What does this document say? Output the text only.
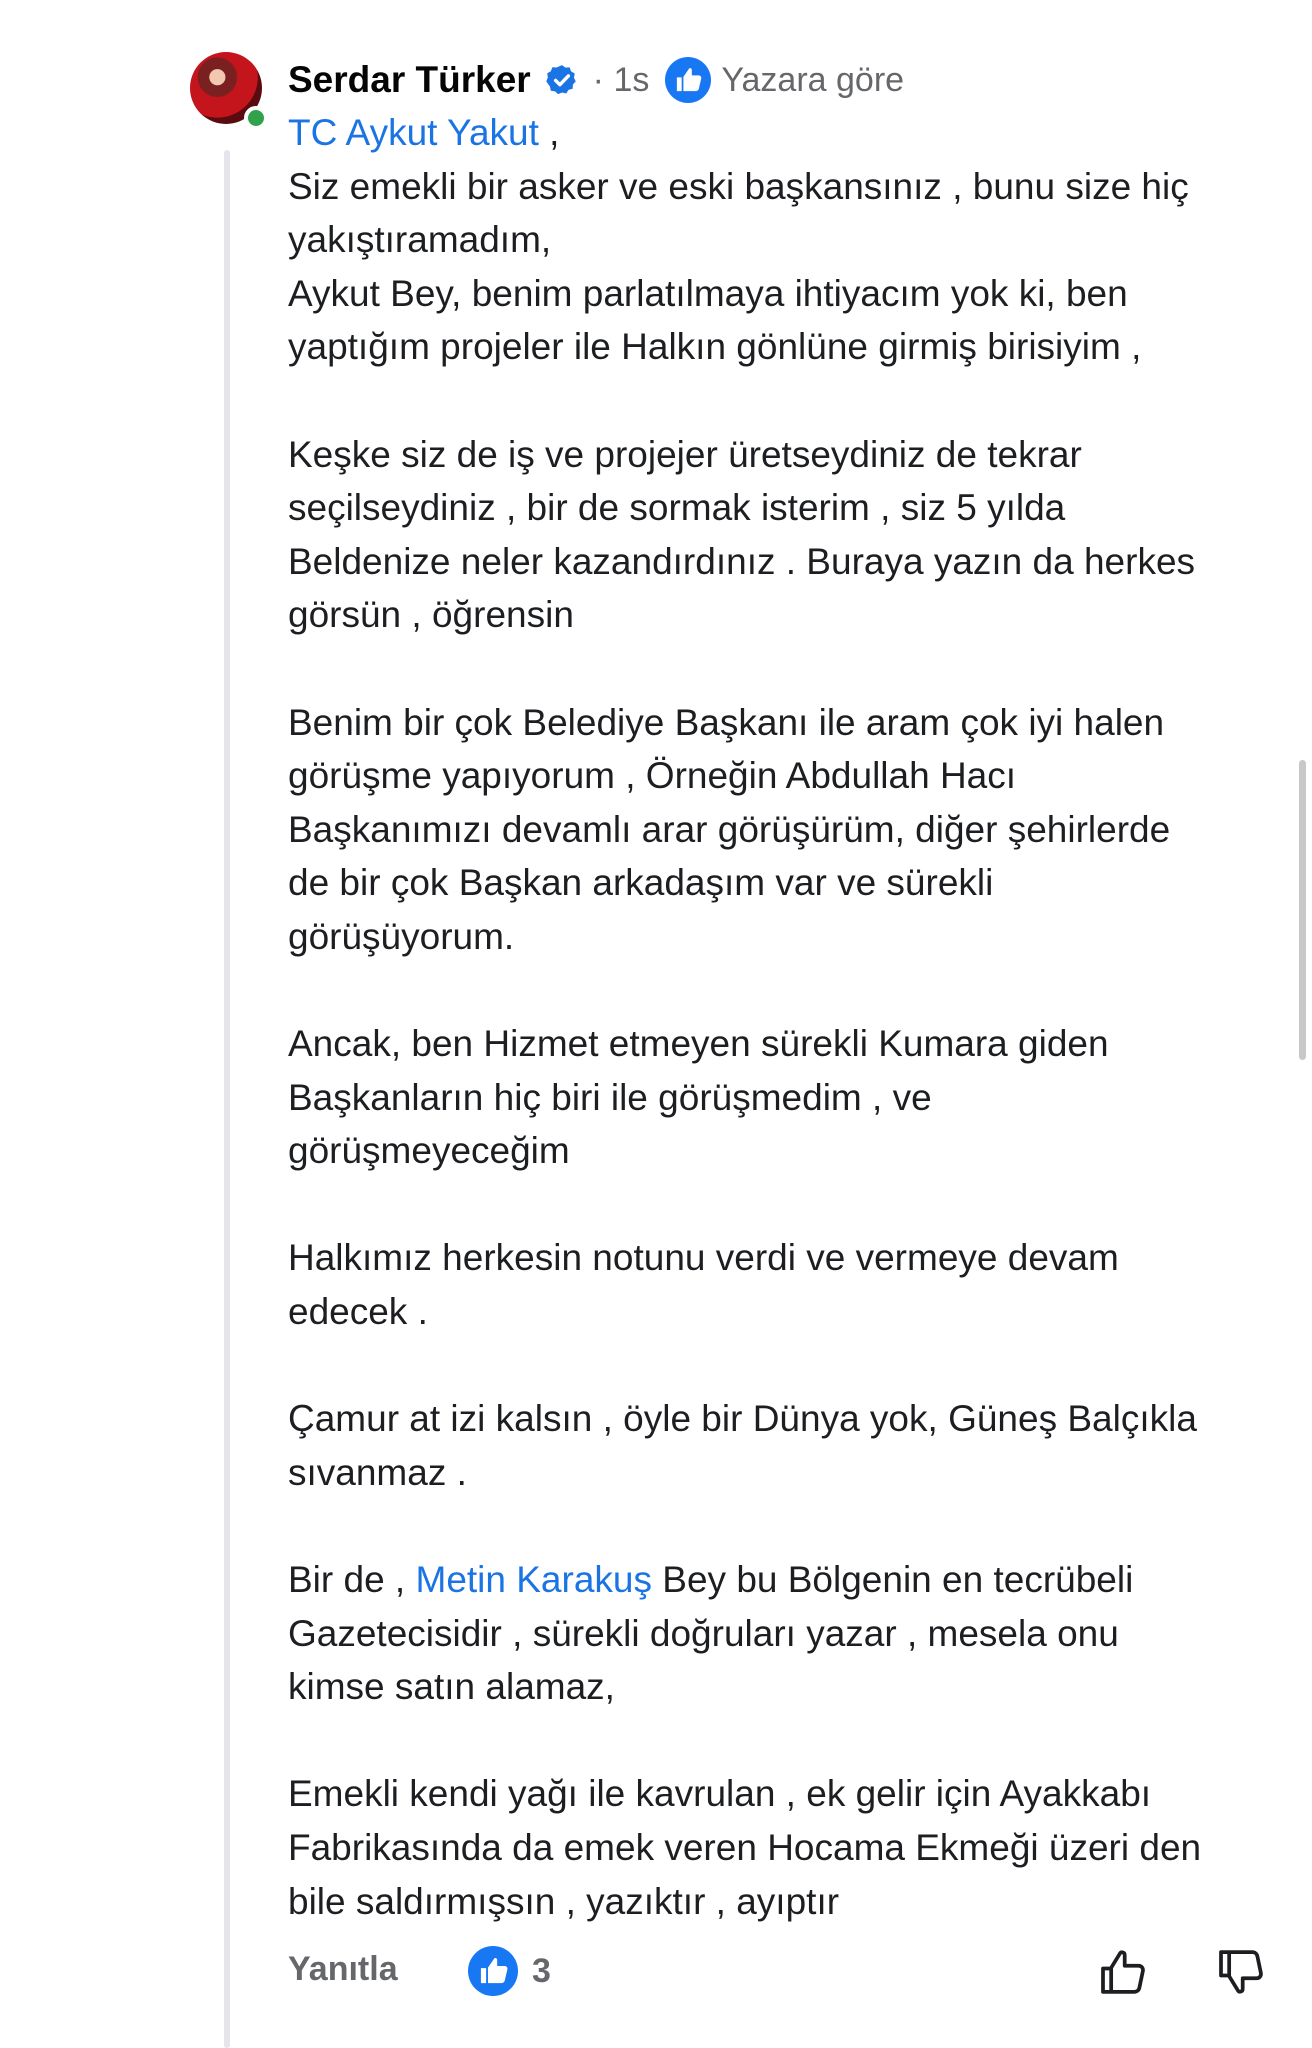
Serdar Türker · 1s Yazara göre
TC Aykut Yakut ,
Siz emekli bir asker ve eski başkansınız , bunu size hiç
yakıştıramadım,
Aykut Bey, benim parlatılmaya ihtiyacım yok ki, ben
yaptığım projeler ile Halkın gönlüne girmiş birisiyim ,
Keşke siz de iş ve projejer üretseydiniz de tekrar
seçilseydiniz , bir de sormak isterim , siz 5 yılda
Beldenize neler kazandırdınız . Buraya yazın da herkes
görsün , öğrensin
Benim bir çok Belediye Başkanı ile aram çok iyi halen
görüşme yapıyorum , Örneğin Abdullah Hacı
Başkanımızı devamlı arar görüşürüm, diğer şehirlerde
de bir çok Başkan arkadaşım var ve sürekli
görüşüyorum.
Ancak, ben Hizmet etmeyen sürekli Kumara giden
Başkanların hiç biri ile görüşmedim , ve
görüşmeyeceğim
Halkımız herkesin notunu verdi ve vermeye devam
edecek .
Çamur at izi kalsın , öyle bir Dünya yok, Güneş Balçıkla
sıvanmaz .
Bir de , Metin Karakuş Bey bu Bölgenin en tecrübeli
Gazetecisidir , sürekli doğruları yazar , mesela onu
kimse satın alamaz,
Emekli kendi yağı ile kavrulan , ek gelir için Ayakkabı
Fabrikasında da emek veren Hocama Ekmeği üzeri den
bile saldırmışsın , yazıktır , ayıptır
Yanıtla	3
